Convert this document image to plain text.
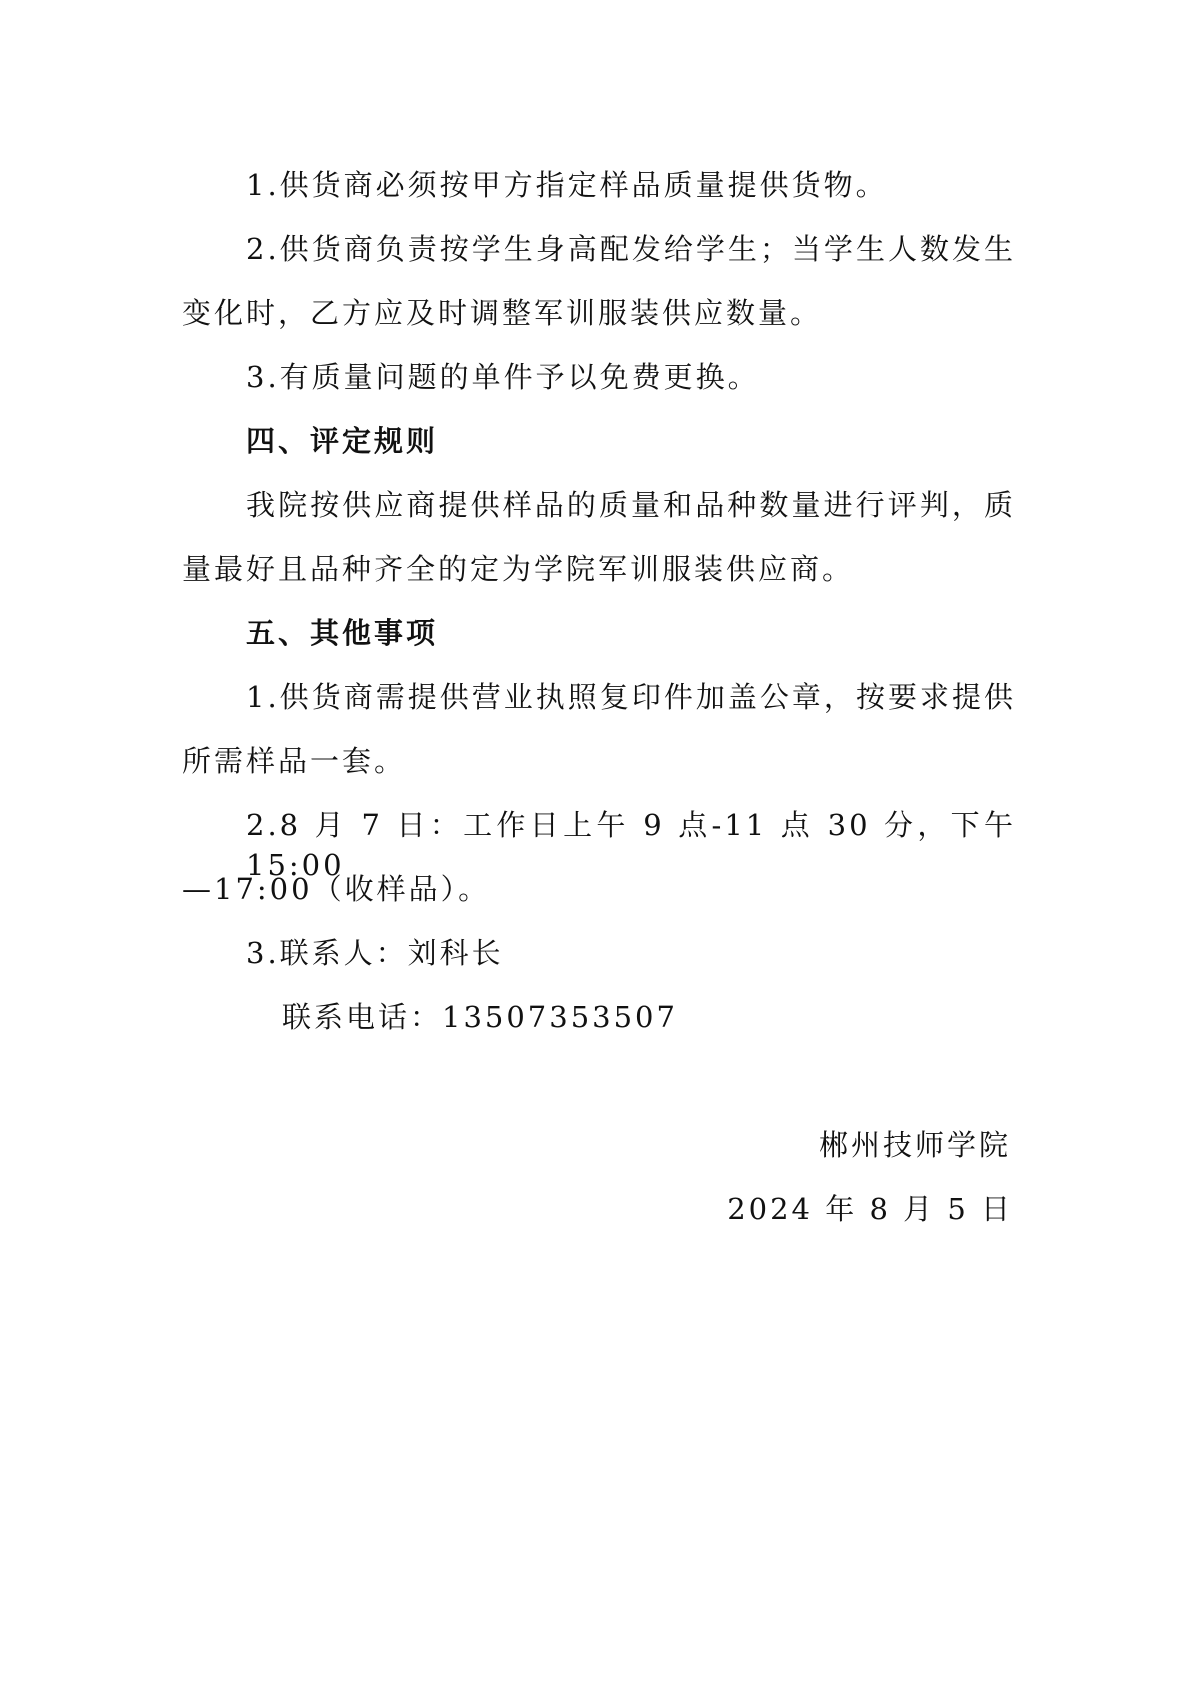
1.供货商必须按甲方指定样品质量提供货物。
2.供货商负责按学生身高配发给学生；当学生人数发生
变化时，乙方应及时调整军训服装供应数量。
3.有质量问题的单件予以免费更换。
四、评定规则
我院按供应商提供样品的质量和品种数量进行评判，质
量最好且品种齐全的定为学院军训服装供应商。
五、其他事项
1.供货商需提供营业执照复印件加盖公章，按要求提供
所需样品一套。
2.8 月 7 日：工作日上午 9 点-11 点 30 分，下午 15:00
—17:00（收样品）。
3.联系人：刘科长
联系电话：13507353507
郴州技师学院
2024 年 8 月 5 日
